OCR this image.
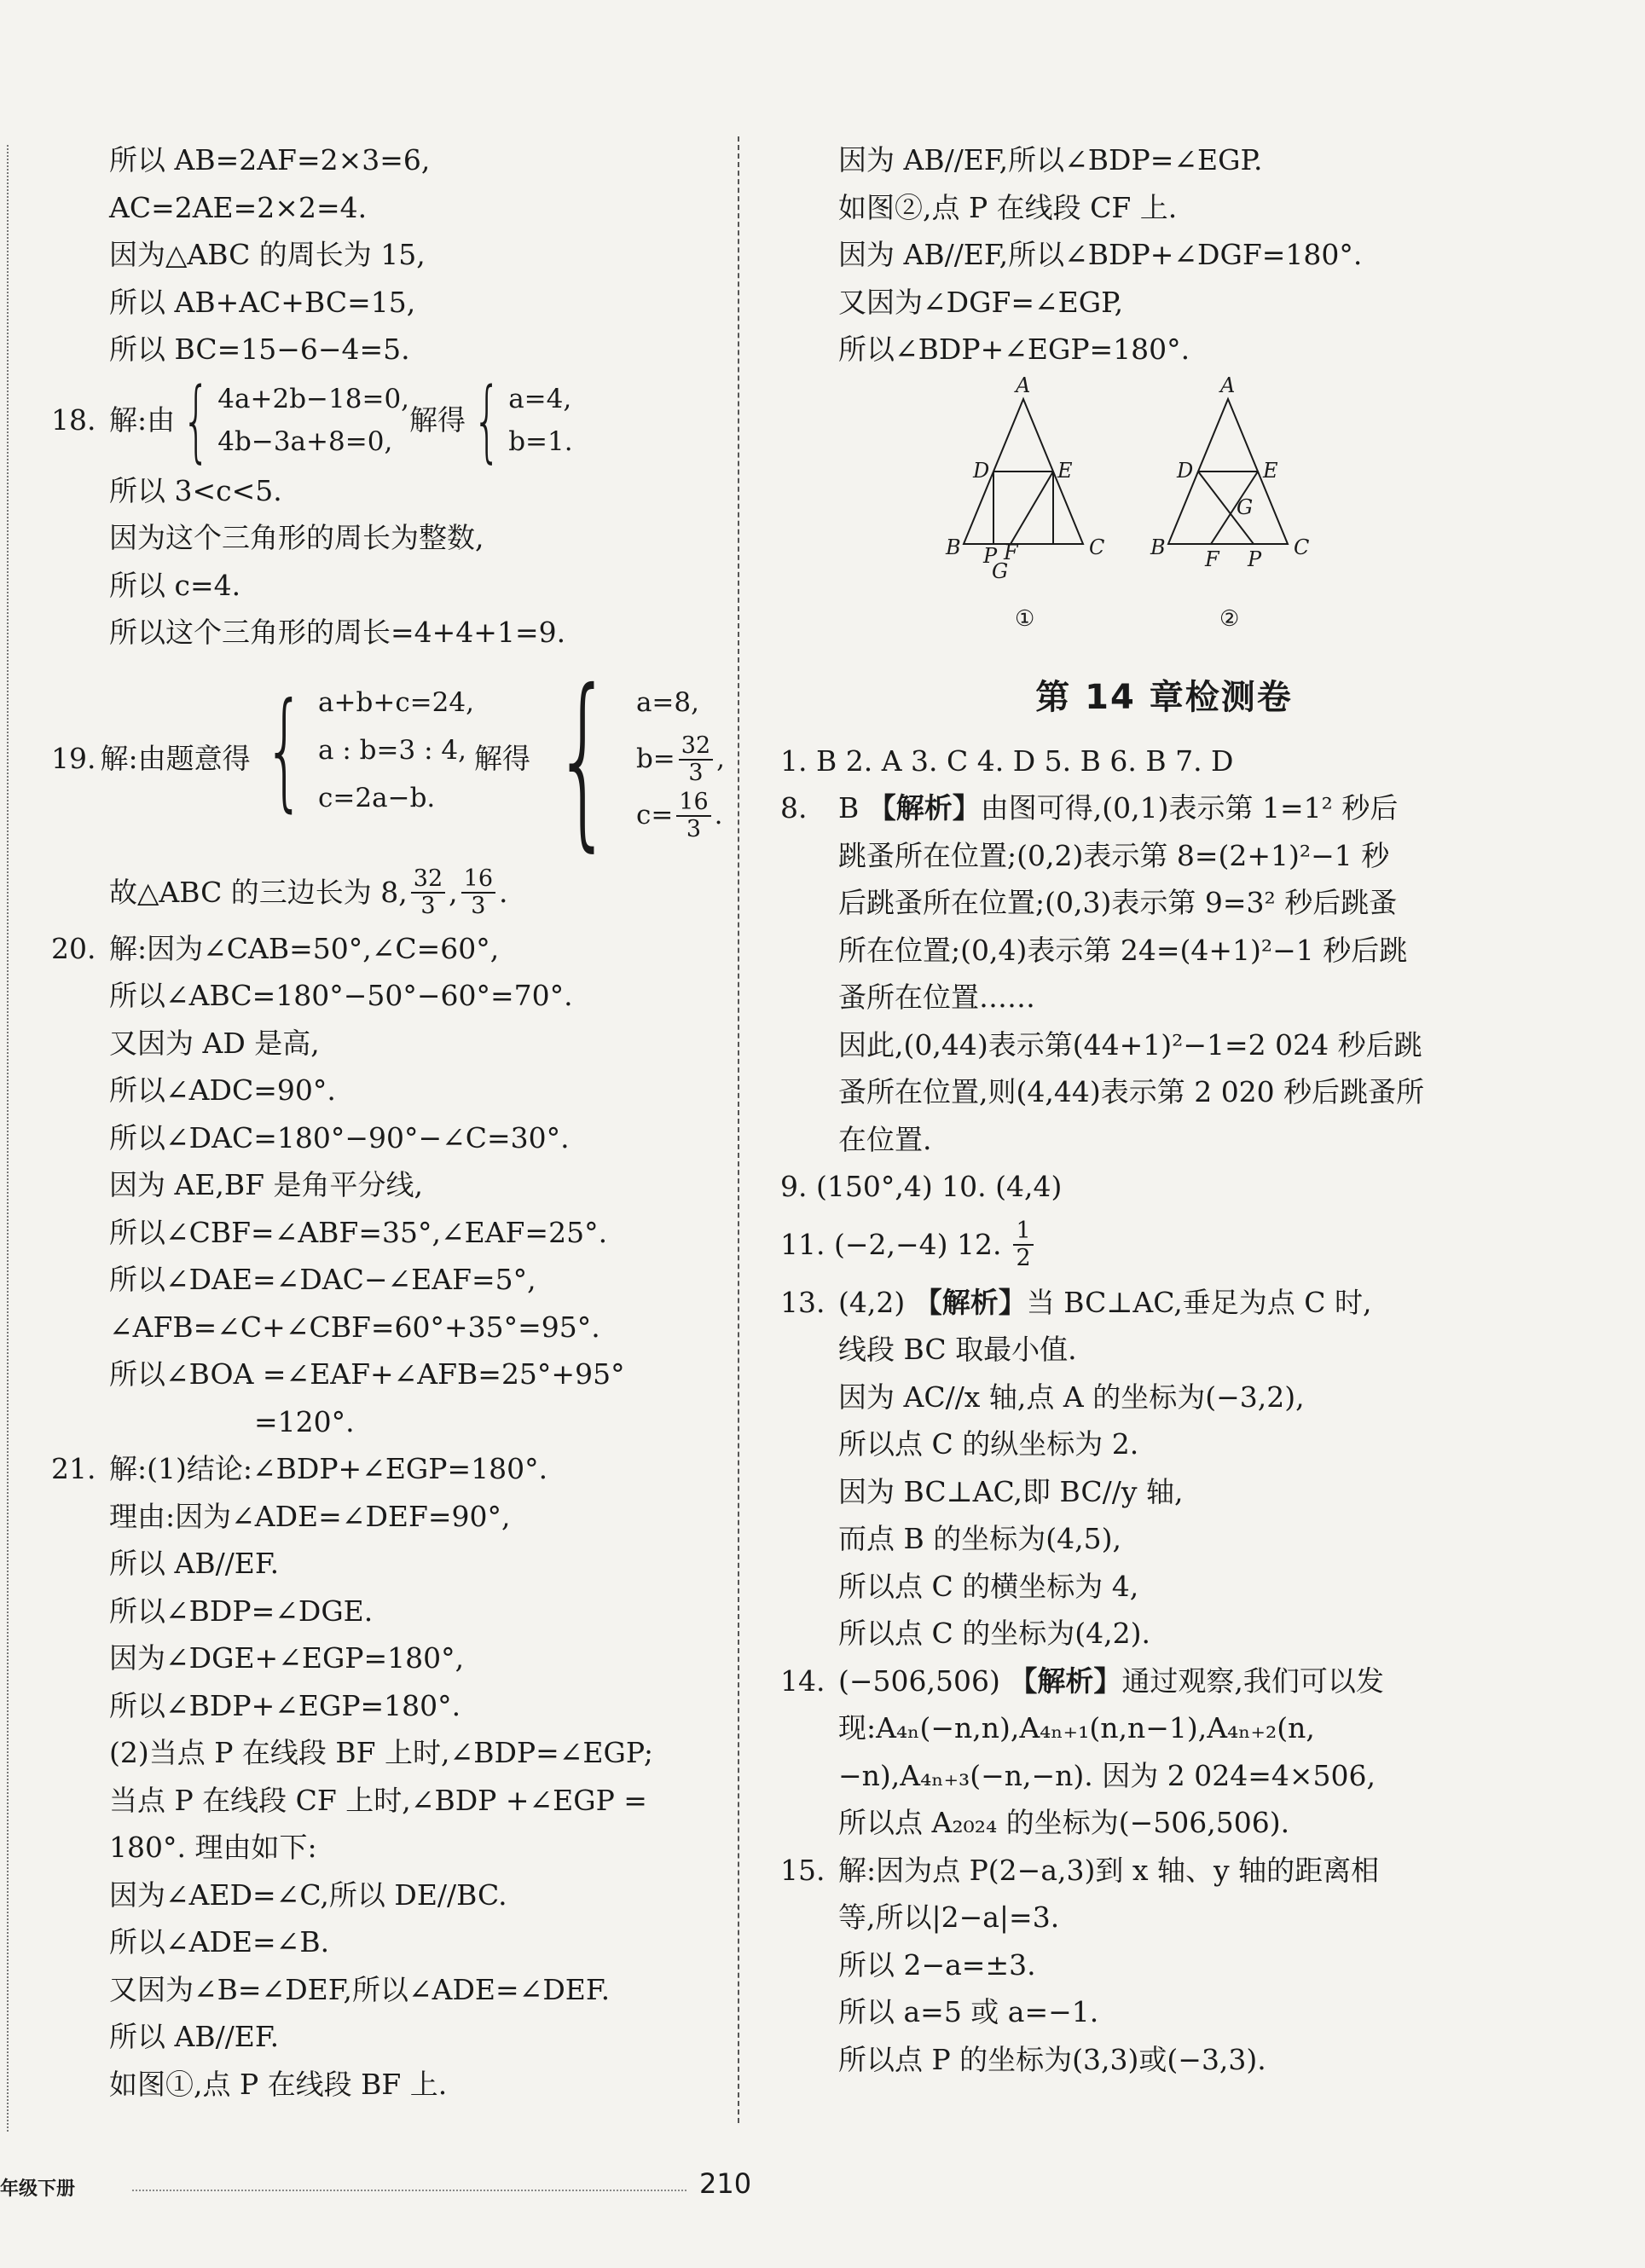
所以 AB=2AF=2×3=6,
AC=2AE=2×2=4.
因为△ABC 的周长为 15,
所以 AB+AC+BC=15,
所以 BC=15−6−4=5.
18. 解:由 { 4a+2b−18=0,
4b−3a+8=0,
解得 { a=4,
b=1.
所以 3<c<5.
因为这个三角形的周长为整数,
所以 c=4.
所以这个三角形的周长=4+4+1=9.
19. 解:由题意得 { a+b+c=24,
a : b=3 : 4,
c=2a−b.
解得 { a=8,
$b= \frac{32}{3}$ ,
$c= \frac{16}{3}$ .
故△ABC 的三边长为 8, $\frac{32}{3}$ , $\frac{16}{3}$ .
20. 解:因为∠CAB=50°,∠C=60°,
所以∠ABC=180°−50°−60°=70°.
又因为 AD 是高,
所以∠ADC=90°.
所以∠DAC=180°−90°−∠C=30°.
因为 AE,BF 是角平分线,
所以∠CBF=∠ABF=35°,∠EAF=25°.
所以∠DAE=∠DAC−∠EAF=5°,
∠AFB=∠C+∠CBF=60°+35°=95°.
所以∠BOA =∠EAF+∠AFB=25°+95°
=120°.
21. 解:(1)结论:∠BDP+∠EGP=180°.
理由:因为∠ADE=∠DEF=90°,
所以 AB//EF.
所以∠BDP=∠DGE.
因为∠DGE+∠EGP=180°,
所以∠BDP+∠EGP=180°.
(2)当点 P 在线段 BF 上时,∠BDP=∠EGP;
当点 P 在线段 CF 上时,∠BDP +∠EGP =
180°. 理由如下:
因为∠AED=∠C,所以 DE//BC.
所以∠ADE=∠B.
又因为∠B=∠DEF,所以∠ADE=∠DEF.
所以 AB//EF.
如图①,点 P 在线段 BF 上.
因为 AB//EF,所以∠BDP=∠EGP.
如图②,点 P 在线段 CF 上.
因为 AB//EF,所以∠BDP+∠DGF=180°.
又因为∠DGF=∠EGP,
所以∠BDP+∠EGP=180°.
A
D	E
B P F
G
C
①
A
D	E
G
B F P C
②
第 14 章检测卷
1. B 2. A 3. C 4. D 5. B 6. B 7. D
8. B 【解析】由图可得,(0,1)表示第 1=1² 秒后
跳蚤所在位置;(0,2)表示第 8=(2+1)²−1 秒
后跳蚤所在位置;(0,3)表示第 9=3² 秒后跳蚤
所在位置;(0,4)表示第 24=(4+1)²−1 秒后跳
蚤所在位置……
因此,(0,44)表示第(44+1)²−1=2 024 秒后跳
蚤所在位置,则(4,44)表示第 2 020 秒后跳蚤所
在位置.
9. (150°,4) 10. (4,4)
11. (−2,−4) 12. $\frac{1}{2}$
13. (4,2) 【解析】当 BC⊥AC,垂足为点 C 时,
线段 BC 取最小值.
因为 AC//x 轴,点 A 的坐标为(−3,2),
所以点 C 的纵坐标为 2.
因为 BC⊥AC,即 BC//y 轴,
而点 B 的坐标为(4,5),
所以点 C 的横坐标为 4,
所以点 C 的坐标为(4,2).
14. (−506,506) 【解析】通过观察,我们可以发
现:A₄ₙ(−n,n),A₄ₙ₊₁(n,n−1),A₄ₙ₊₂(n,
−n),A₄ₙ₊₃(−n,−n). 因为 2 024=4×506,
所以点 A₂₀₂₄ 的坐标为(−506,506).
15. 解:因为点 P(2−a,3)到 x 轴、y 轴的距离相
等,所以|2−a|=3.
所以 2−a=±3.
所以 a=5 或 a=−1.
所以点 P 的坐标为(3,3)或(−3,3).
年级下册	210
